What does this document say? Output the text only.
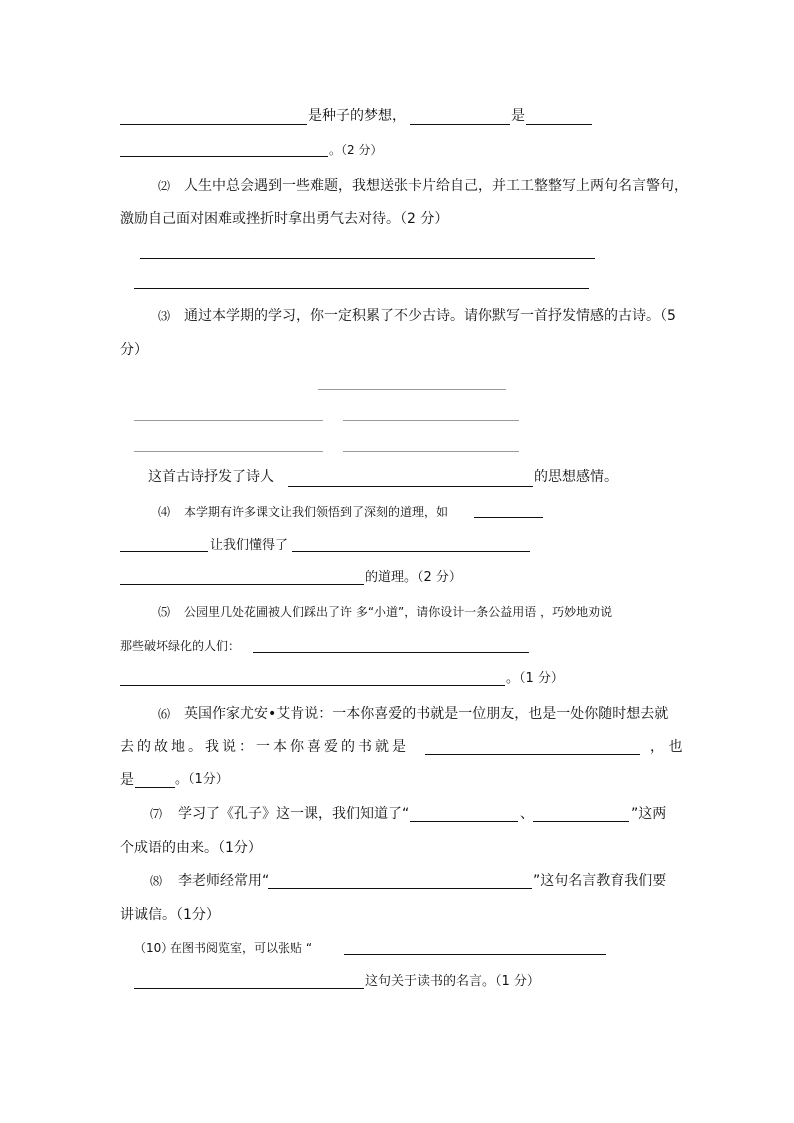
是种子的梦想，	是
。（2 分）
⑵ 人生中总会遇到一些难题，我想送张卡片给自己，并工工整整写上两句名言警句，
激励自己面对困难或挫折时拿出勇气去对待。（2 分）
⑶ 通过本学期的学习，你一定积累了不少古诗。请你默写一首抒发情感的古诗。（5
分）
这首古诗抒发了诗人	的思想感情。
⑷ 本学期有许多课文让我们领悟到了深刻的道理，如
让我们懂得了
的道理。（2 分）
⑸ 公园里几处花圃被人们踩出了许 多“小道”，请你设计一条公益用语 ，巧妙地劝说
那些破坏绿化的人们：
。（1 分）
⑹ 英国作家尤安•艾肯说：一本你喜爱的书就是一位朋友，也是一处你随时想去就
去的故地。我说：一本你喜爱的书就是	， 也
是	。（1分）
⑺ 学习了《孔子》这一课，我们知道了“	、	”这两
个成语的由来。（1分）
⑻ 李老师经常用“	”这句名言教育我们要
讲诚信。（1分）
（10）
在图书阅览室，可以张贴 “
这句关于读书的名言。（1 分）
